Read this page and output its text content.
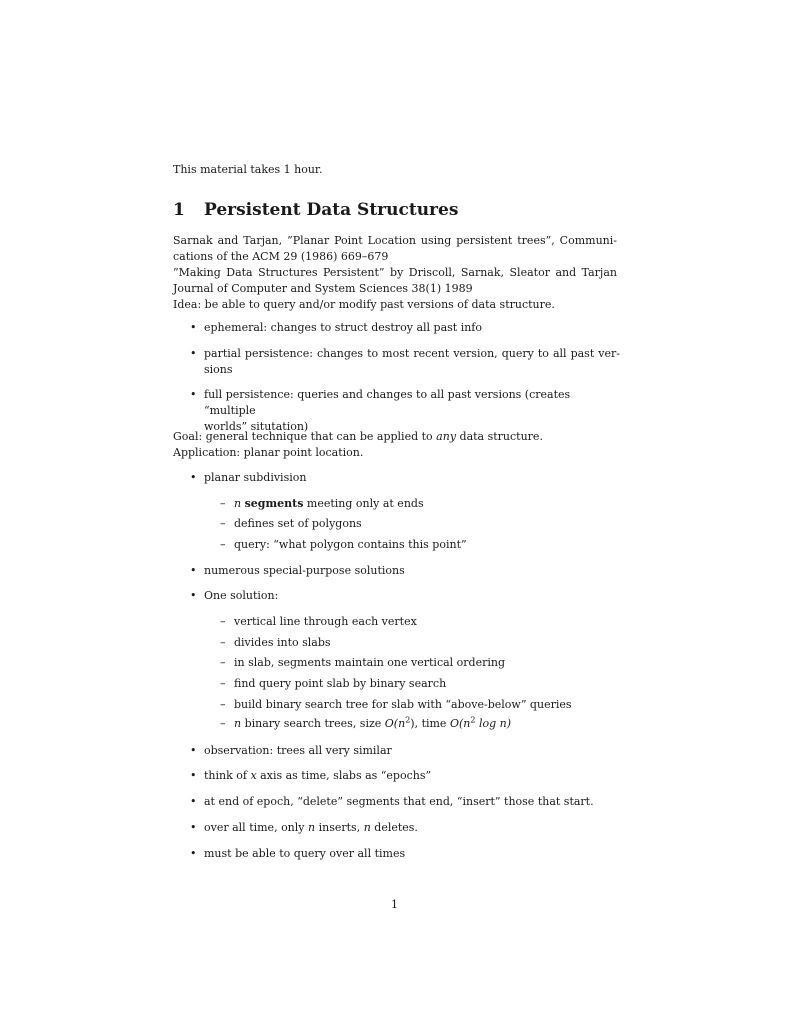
This material takes 1 hour.
1 Persistent Data Structures
Sarnak and Tarjan, ”Planar Point Location using persistent trees”, Communi-
cations of the ACM 29 (1986) 669–679
”Making Data Structures Persistent” by Driscoll, Sarnak, Sleator and Tarjan
Journal of Computer and System Sciences 38(1) 1989
Idea: be able to query and/or modify past versions of data structure.
• ephemeral: changes to struct destroy all past info
• partial persistence: changes to most recent version, query to all past ver-
sions
• full persistence: queries and changes to all past versions (creates “multiple
worlds” situtation)
Goal: general technique that can be applied to any data structure.
Application: planar point location.
• planar subdivision
– n segments meeting only at ends
– defines set of polygons
– query: “what polygon contains this point”
• numerous special-purpose solutions
• One solution:
– vertical line through each vertex
– divides into slabs
– in slab, segments maintain one vertical ordering
– find query point slab by binary search
– build binary search tree for slab with “above-below” queries
– n binary search trees, size $O(n^2)$, time $O(n^2$ log n)
• observation: trees all very similar
• think of x axis as time, slabs as “epochs”
• at end of epoch, “delete” segments that end, “insert” those that start.
• over all time, only n inserts, n deletes.
• must be able to query over all times
1
